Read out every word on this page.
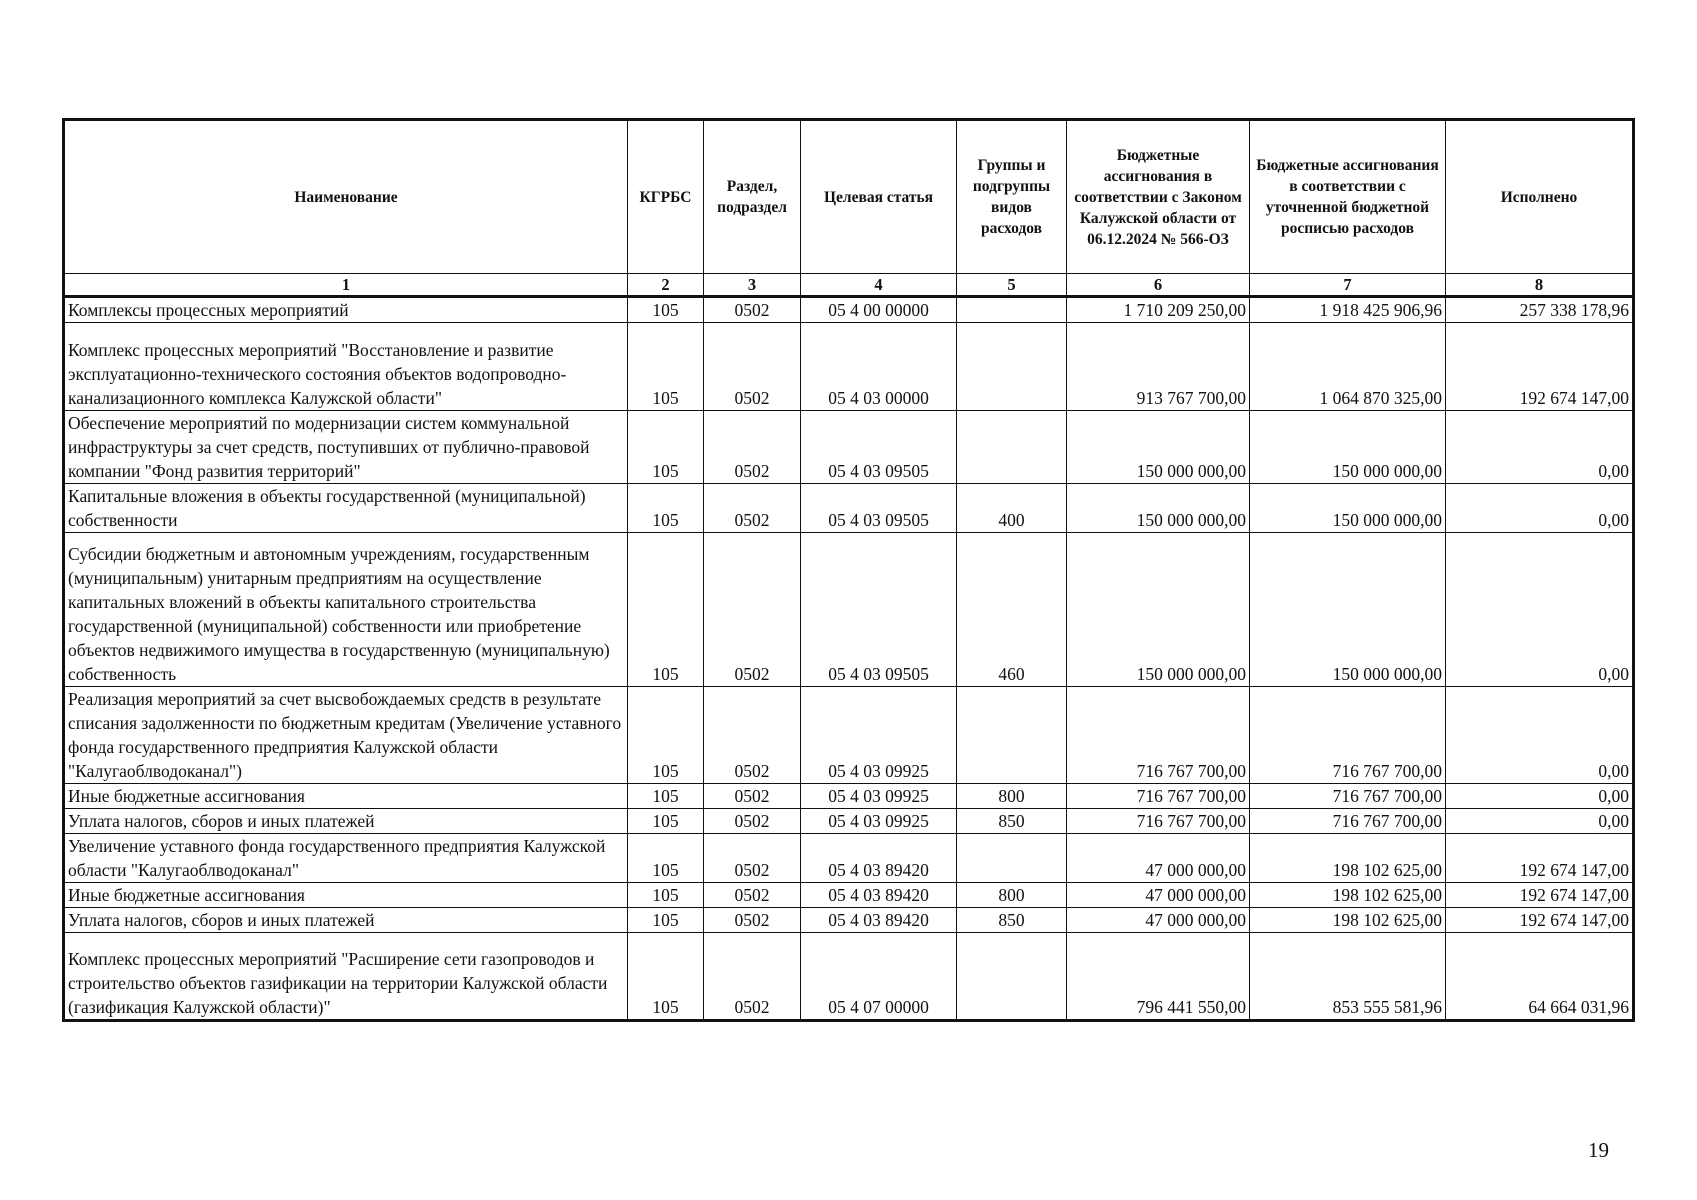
Наименование	КГРБС	Раздел, подраздел	Целевая статья	Группы и подгруппы видов расходов	Бюджетные ассигнования в соответствии с Законом Калужской области от 06.12.2024 № 566-ОЗ	Бюджетные ассигнования в соответствии с уточненной бюджетной росписью расходов	Исполнено
1	2	3	4	5	6	7	8
Комплексы процессных мероприятий	105	0502	05 4 00 00000		1 710 209 250,00	1 918 425 906,96	257 338 178,96
Комплекс процессных мероприятий "Восстановление и развитие эксплуатационно-технического состояния объектов водопроводно-канализационного комплекса Калужской области"	105	0502	05 4 03 00000		913 767 700,00	1 064 870 325,00	192 674 147,00
Обеспечение мероприятий по модернизации систем коммунальной инфраструктуры за счет средств, поступивших от публично-правовой компании "Фонд развития территорий"	105	0502	05 4 03 09505		150 000 000,00	150 000 000,00	0,00
Капитальные вложения в объекты государственной (муниципальной) собственности	105	0502	05 4 03 09505	400	150 000 000,00	150 000 000,00	0,00
Субсидии бюджетным и автономным учреждениям, государственным (муниципальным) унитарным предприятиям на осуществление капитальных вложений в объекты капитального строительства государственной (муниципальной) собственности или приобретение объектов недвижимого имущества в государственную (муниципальную) собственность	105	0502	05 4 03 09505	460	150 000 000,00	150 000 000,00	0,00
Реализация мероприятий за счет высвобождаемых средств в результате списания задолженности по бюджетным кредитам (Увеличение уставного фонда государственного предприятия Калужской области "Калугаоблводоканал")	105	0502	05 4 03 09925		716 767 700,00	716 767 700,00	0,00
Иные бюджетные ассигнования	105	0502	05 4 03 09925	800	716 767 700,00	716 767 700,00	0,00
Уплата налогов, сборов и иных платежей	105	0502	05 4 03 09925	850	716 767 700,00	716 767 700,00	0,00
Увеличение уставного фонда государственного предприятия Калужской области "Калугаоблводоканал"	105	0502	05 4 03 89420		47 000 000,00	198 102 625,00	192 674 147,00
Иные бюджетные ассигнования	105	0502	05 4 03 89420	800	47 000 000,00	198 102 625,00	192 674 147,00
Уплата налогов, сборов и иных платежей	105	0502	05 4 03 89420	850	47 000 000,00	198 102 625,00	192 674 147,00
Комплекс процессных мероприятий "Расширение сети газопроводов и строительство объектов газификации на территории Калужской области (газификация Калужской области)"	105	0502	05 4 07 00000		796 441 550,00	853 555 581,96	64 664 031,96
19
